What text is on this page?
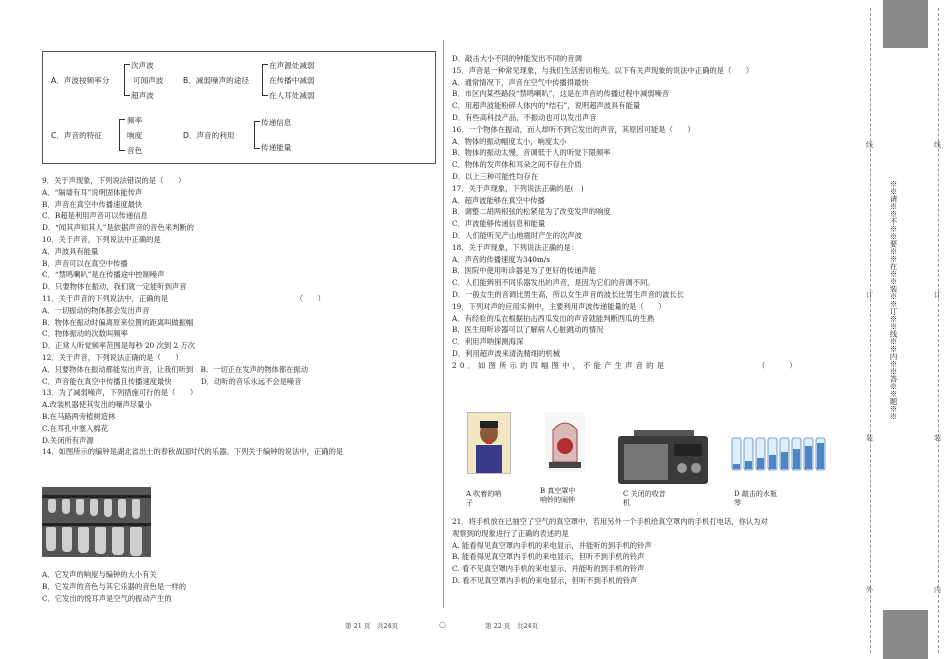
A．声波按频率分
次声波
可闻声波
超声波
B．减弱噪声的途径
在声源处减弱
在传播中减弱
在人耳处减弱
C．声音的特征
频率
响度
音色
D．声音的利用
传递信息
传递能量
9．关于声现象，下列说法错误的是（　　）
A．“隔墙有耳”说明固体能传声
B．声音在真空中传播速度最快
C．B超是利用声音可以传递信息
D．“闻其声知其人”是依据声音的音色来判断的
10．关于声音，下列说法中正确的是
A．声波具有能量
B．声音可以在真空中传播
C．“禁鸣喇叭”是在传播途中控制噪声
D．只要物体在振动，我们就一定能听到声音
11．关于声音的下列说法中，正确的是　　　　　　　　　　　　　　　　　　（　　）
A．一切振动的物体都会发出声音
B．物体在振动时偏离原来位置的距离叫做振幅
C．物体振动的次数叫频率
D．正常人听觉频率范围是每秒 20 次到 2 万次
12．关于声音，下列说法正确的是（　　）
A．只要物体在振动都能发出声音，让我们听到　B．一切正在发声的物体都在振动
C．声音能在真空中传播且传播速度最快　　　　D．动听的音乐永远不会是噪音
13．为了减弱噪声，下列措施可行的是（　　）
A.改装机器使其发出的噪声尽量小
B.在马路两旁植树造林
C.在耳孔中塞入棉花
D.关闭所有声源
14．如图所示的编钟是湖北省出土的春秋战国时代的乐器。下列关于编钟的说法中，正确的是
A．它发声的响度与编钟的大小有关
B．它发声的音色与其它乐器的音色是一样的
C．它发出的悦耳声是空气的振动产生的
第 21 页　共24页	○	第 22 页　共24页
D．敲击大小不同的钟能发出不同的音调
15．声音是一种常见现象，与我们生活密切相关。以下有关声现象的说法中正确的是（　　）
A．通常情况下，声音在空气中传播得最快
B．市区内某些路段“禁鸣喇叭”，这是在声音的传播过程中减弱噪音
C．用超声波能粉碎人体内的“结石”，说明超声波具有能量
D．有些高科技产品，不振动也可以发出声音
16．一个物体在振动，而人却听不到它发出的声音，其原因可能是（　　）
A．物体的振动幅度太小，响度太小
B．物体的振动太慢，音调低于人的听觉下限频率
C．物体的发声体和耳朵之间不存在介质
D．以上三种可能性均存在
17．关于声现象，下列说法正确的是(　)
A．超声波能够在真空中传播
B．调整二胡两根弦的松紧是为了改变发声的响度
C．声波能够传递信息和能量
D．人们能听见产山地震时产生的次声波
18．关于声现象，下列说法正确的是：
A．声音的传播速度为340m/s
B．医院中使用听诊器是为了更好的传递声能
C．人们能辨别不同乐器发出的声音，是因为它们的音调不同。
D．一般女生的音调比男生高，所以女生声音的波长比男生声音的波长长
19．下列对声的应用实例中，主要利用声波传递能量的是（　　）
A．有经验的瓜农根据拍击西瓜发出的声音就能判断西瓜的生熟
B．医生用听诊器可以了解病人心脏跳动的情况
C．利用声呐探测海深
D．利用超声波来清洗精细的机械
20．如图所示的四幅图中，不能产生声音的是　　　　　　　　　（　　）
A 吹着的哨
子
B 真空罩中
响铃的闹钟
C 关闭的收音
机
D 敲击的水瓶
琴
21．将手机放在已抽空了空气的真空罩中，若用另外一个手机给真空罩内的手机打电话，你认为对
观察到的现象进行了正确的表述的是
A. 能看得见真空罩内手机的来电显示，并能听的到手机的铃声
B. 能看得见真空罩内手机的来电显示，但听不到手机的铃声
C. 看不见真空罩内手机的来电显示，并能听的到手机的铃声
D. 看不见真空罩内手机的来电显示，但听不到手机的铃声
※※请※※不※※要※※在※※装※※订※※线※※内※※答※※题※※
线
订
装
外
线
订
装
内
